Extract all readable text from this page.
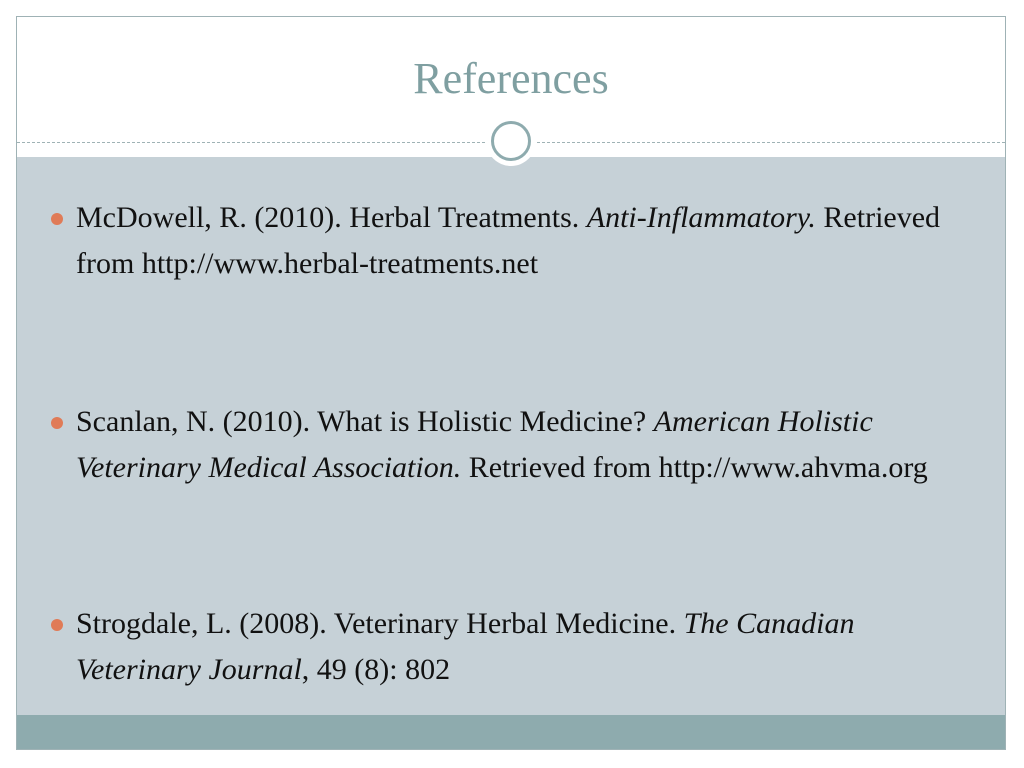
References
McDowell, R. (2010). Herbal Treatments. Anti-Inflammatory. Retrieved from http://www.herbal-treatments.net
Scanlan, N. (2010). What is Holistic Medicine? American Holistic Veterinary Medical Association. Retrieved from http://www.ahvma.org
Strogdale, L. (2008). Veterinary Herbal Medicine. The Canadian Veterinary Journal, 49 (8): 802
